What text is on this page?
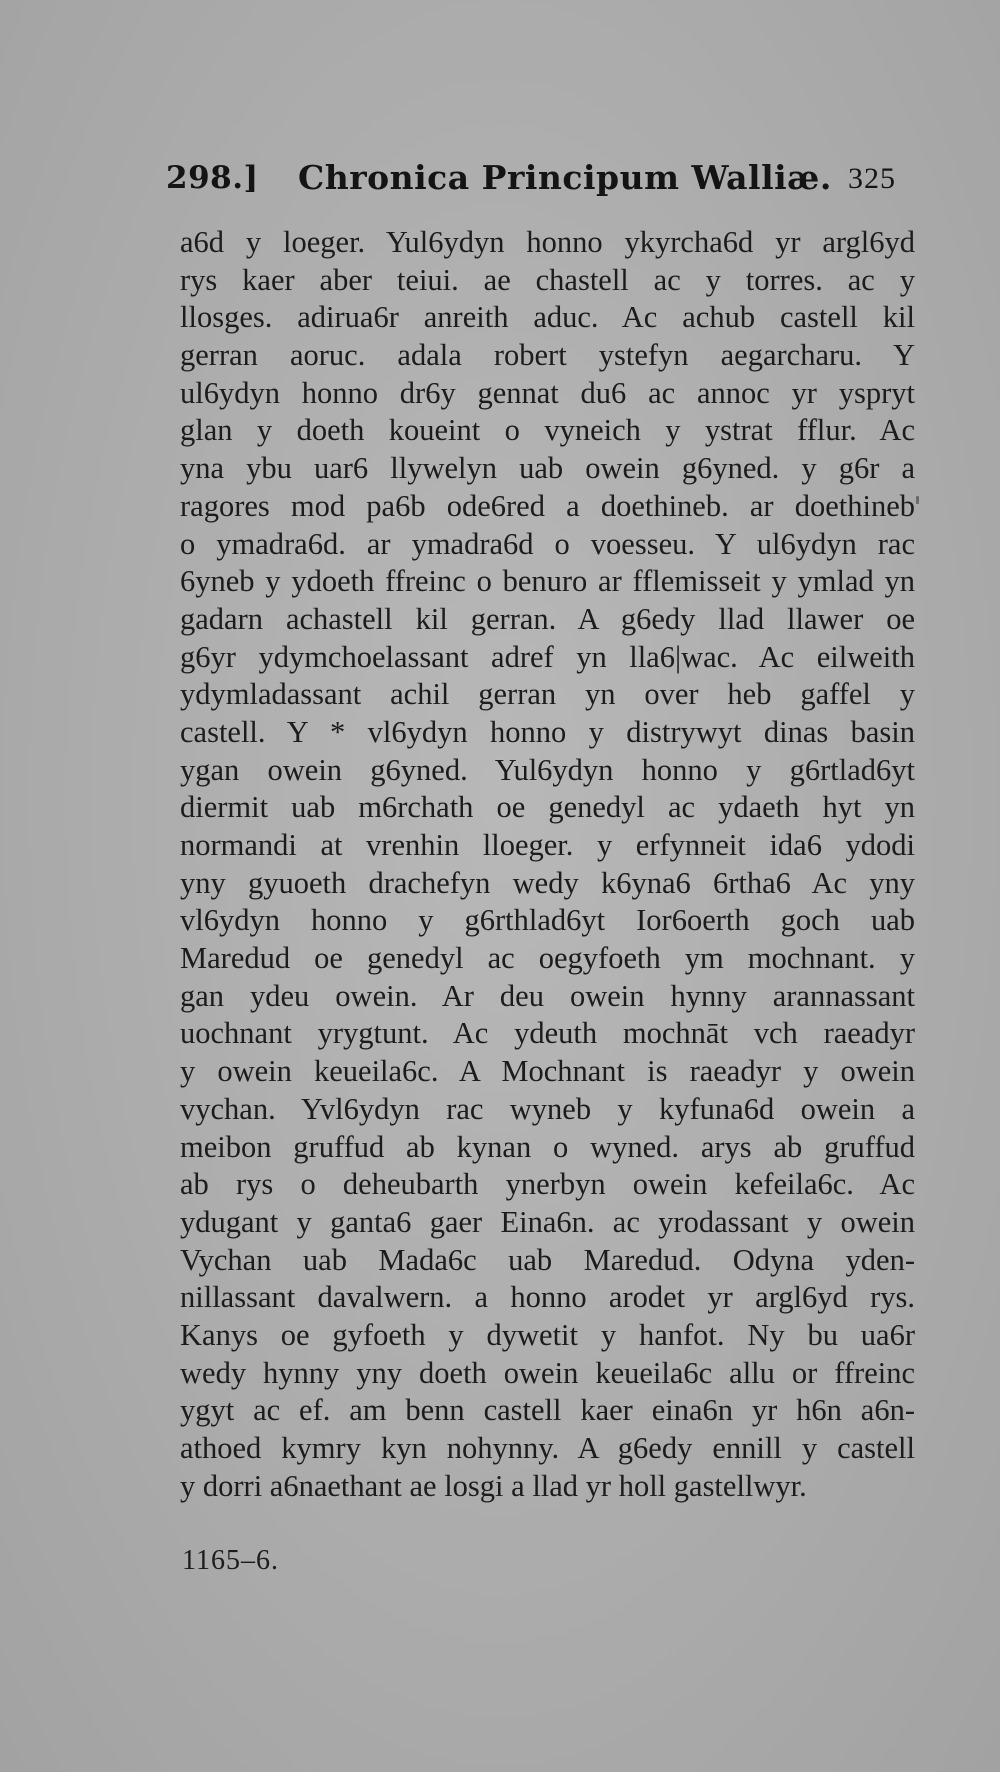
298.] Chronica Principum Walliæ. 325
a6d y loeger. Yul6ydyn honno ykyrcha6d yr argl6yd
rys kaer aber teiui. ae chastell ac y torres. ac y
llosges. adirua6r anreith aduc. Ac achub castell kil
gerran aoruc. adala robert ystefyn aegarcharu. Y
ul6ydyn honno dr6y gennat du6 ac annoc yr yspryt
glan y doeth koueint o vyneich y ystrat fflur. Ac
yna ybu uar6 llywelyn uab owein g6yned. y g6r a
ragores mod pa6b ode6red a doethineb. ar doethineb
o ymadra6d. ar ymadra6d o voesseu. Y ul6ydyn rac
6yneb y ydoeth ffreinc o benuro ar fflemisseit y ymlad yn
gadarn achastell kil gerran. A g6edy llad llawer oe
g6yr ydymchoelassant adref yn lla6|wac. Ac eilweith
ydymladassant achil gerran yn over heb gaffel y
castell. Y * vl6ydyn honno y distrywyt dinas basin
ygan owein g6yned. Yul6ydyn honno y g6rtlad6yt
diermit uab m6rchath oe genedyl ac ydaeth hyt yn
normandi at vrenhin lloeger. y erfynneit ida6 ydodi
yny gyuoeth drachefyn wedy k6yna6 6rtha6 Ac yny
vl6ydyn honno y g6rthlad6yt Ior6oerth goch uab
Maredud oe genedyl ac oegyfoeth ym mochnant. y
gan ydeu owein. Ar deu owein hynny arannassant
uochnant yrygtunt. Ac ydeuth mochnāt vch raeadyr
y owein keueila6c. A Mochnant is raeadyr y owein
vychan. Yvl6ydyn rac wyneb y kyfuna6d owein a
meibon gruffud ab kynan o wyned. arys ab gruffud
ab rys o deheubarth ynerbyn owein kefeila6c. Ac
ydugant y ganta6 gaer Eina6n. ac yrodassant y owein
Vychan uab Mada6c uab Maredud. Odyna yden-
nillassant davalwern. a honno arodet yr argl6yd rys.
Kanys oe gyfoeth y dywetit y hanfot. Ny bu ua6r
wedy hynny yny doeth owein keueila6c allu or ffreinc
ygyt ac ef. am benn castell kaer eina6n yr h6n a6n-
athoed kymry kyn nohynny. A g6edy ennill y castell
y dorri a6naethant ae losgi a llad yr holl gastellwyr.
1165–6.
